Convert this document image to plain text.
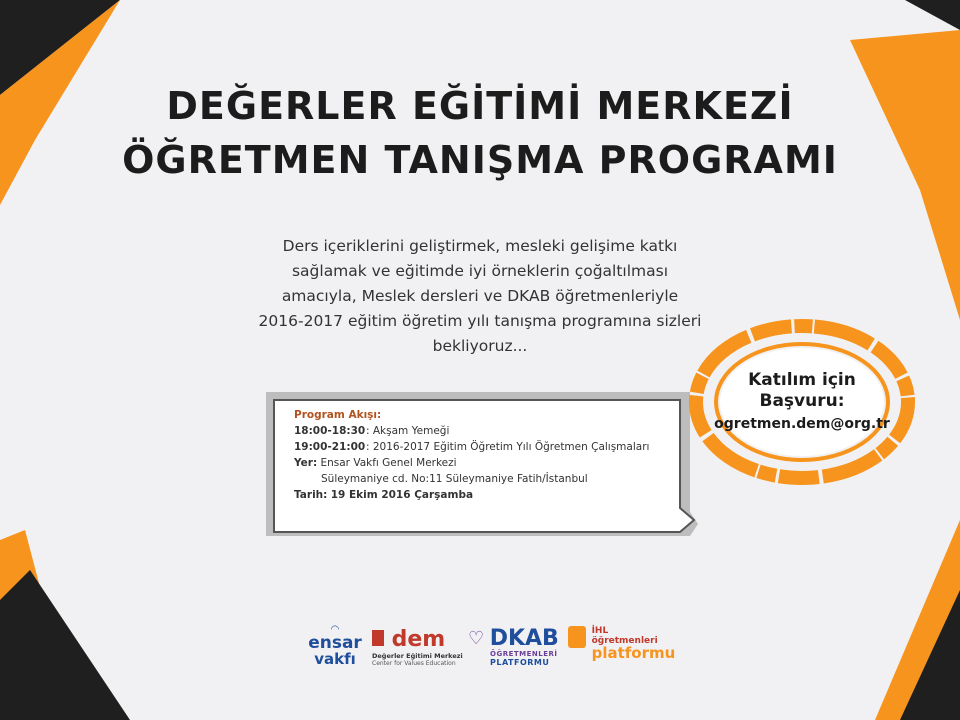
DEĞERLER EĞİTİMİ MERKEZİ
ÖĞRETMEN TANIŞMA PROGRAMI
Ders içeriklerini geliştirmek, mesleki gelişime katkı
sağlamak ve eğitimde iyi örneklerin çoğaltılması
amacıyla, Meslek dersleri ve DKAB öğretmenleriyle
2016-2017 eğitim öğretim yılı tanışma programına sizleri
bekliyoruz...
Program Akışı:
18:00-18:30 : Akşam Yemeği
19:00-21:00 : 2016-2017 Eğitim Öğretim Yılı Öğretmen Çalışmaları
Yer: Ensar Vakfı Genel Merkezi
Süleymaniye cd. No:11 Süleymaniye Fatih/İstanbul
Tarih: 19 Ekim 2016 Çarşamba
Katılım için
Başvuru:
ogretmen.dem@org.tr
◠
ensar
vakfı
dem
Değerler Eğitimi Merkezi
Center for Values Education
♡ DKAB
ÖĞRETMENLERİ
PLATFORMU

İHL
öğretmenleri
platformu
